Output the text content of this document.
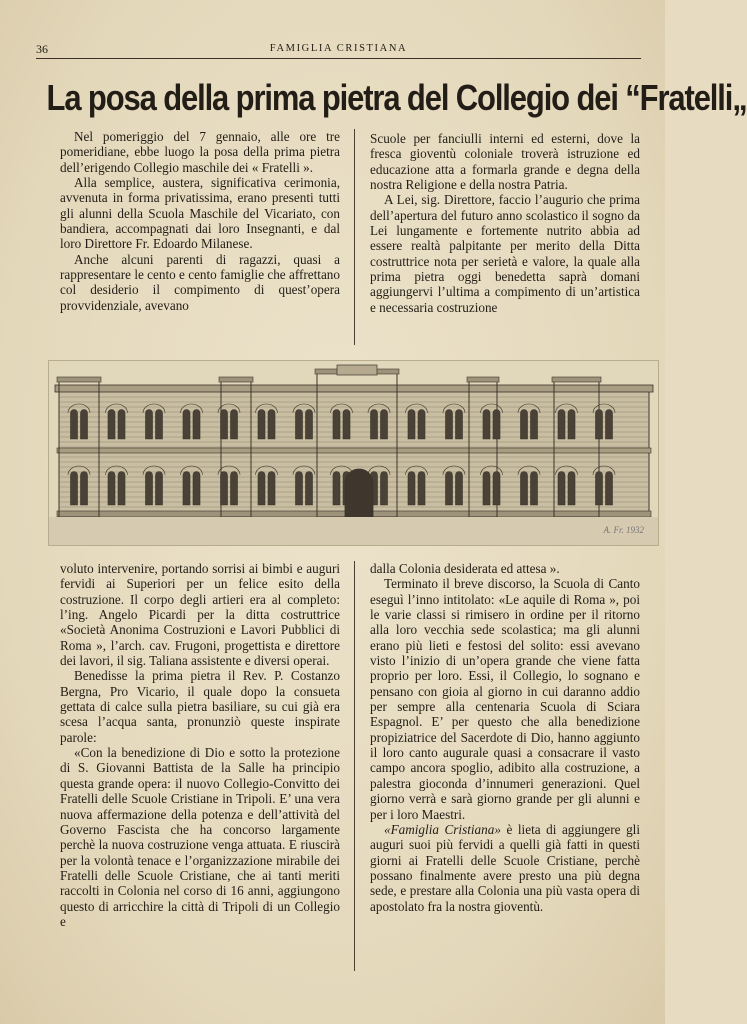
36	FAMIGLIA CRISTIANA
La posa della prima pietra del Collegio dei “Fratelli„

Nel pomeriggio del 7 gennaio, alle ore tre pomeridiane, ebbe luogo la posa della prima pietra dell’erigendo Collegio maschile dei « Fratelli ».

Alla semplice, austera, significativa cerimonia, avvenuta in forma privatissima, erano presenti tutti gli alunni della Scuola Maschile del Vicariato, con bandiera, accompagnati dai loro Insegnanti, e dal loro Direttore Fr. Edoardo Milanese.

Anche alcuni parenti di ragazzi, quasi a rappresentare le cento e cento famiglie che affrettano col desiderio il compimento di quest’opera provvidenziale, avevano

Scuole per fanciulli interni ed esterni, dove la fresca gioventù coloniale troverà istruzione ed educazione atta a formarla grande e degna della nostra Religione e della nostra Patria.

A Lei, sig. Direttore, faccio l’augurio che prima dell’apertura del futuro anno scolastico il sogno da Lei lungamente e fortemente nutrito abbia ad essere realtà palpitante per merito della Ditta costruttrice nota per serietà e valore, la quale alla prima pietra oggi benedetta saprà domani aggiungervi l’ultima a compimento di un’artistica e necessaria costruzione

A. Fr. 1932

voluto intervenire, portando sorrisi ai bimbi e auguri fervidi ai Superiori per un felice esito della costruzione. Il corpo degli artieri era al completo: l’ing. Angelo Picardi per la ditta costruttrice «Società Anonima Costruzioni e Lavori Pubblici di Roma », l’arch. cav. Frugoni, progettista e direttore dei lavori, il sig. Taliana assistente e diversi operai.

Benedisse la prima pietra il Rev. P. Costanzo Bergna, Pro Vicario, il quale dopo la consueta gettata di calce sulla pietra basiliare, su cui già era scesa l’acqua santa, pronunziò queste inspirate parole:

«Con la benedizione di Dio e sotto la protezione di S. Giovanni Battista de la Salle ha principio questa grande opera: il nuovo Collegio-Convitto dei Fratelli delle Scuole Cristiane in Tripoli. E’ una vera nuova affermazione della potenza e dell’attività del Governo Fascista che ha concorso largamente perchè la nuova costruzione venga attuata. E riuscirà per la volontà tenace e l’organizzazione mirabile dei Fratelli delle Scuole Cristiane, che ai tanti meriti raccolti in Colonia nel corso di 16 anni, aggiungono questo di arricchire la città di Tripoli di un Collegio e

dalla Colonia desiderata ed attesa ».

Terminato il breve discorso, la Scuola di Canto eseguì l’inno intitolato: «Le aquile di Roma », poi le varie classi si rimisero in ordine per il ritorno alla loro vecchia sede scolastica; ma gli alunni erano più lieti e festosi del solito: essi avevano visto l’inizio di un’opera grande che viene fatta proprio per loro. Essi, il Collegio, lo sognano e pensano con gioia al giorno in cui daranno addio per sempre alla centenaria Scuola di Sciara Espagnol. E’ per questo che alla benedizione propiziatrice del Sacerdote di Dio, hanno aggiunto il loro canto augurale quasi a consacrare il vasto campo ancora spoglio, adibito alla costruzione, a palestra gioconda d’innumeri generazioni. Quel giorno verrà e sarà giorno grande per gli alunni e per i loro Maestri.

«Famiglia Cristiana» è lieta di aggiungere gli auguri suoi più fervidi a quelli già fatti in questi giorni ai Fratelli delle Scuole Cristiane, perchè possano finalmente avere presto una più degna sede, e prestare alla Colonia una più vasta opera di apostolato fra la nostra gioventù.
